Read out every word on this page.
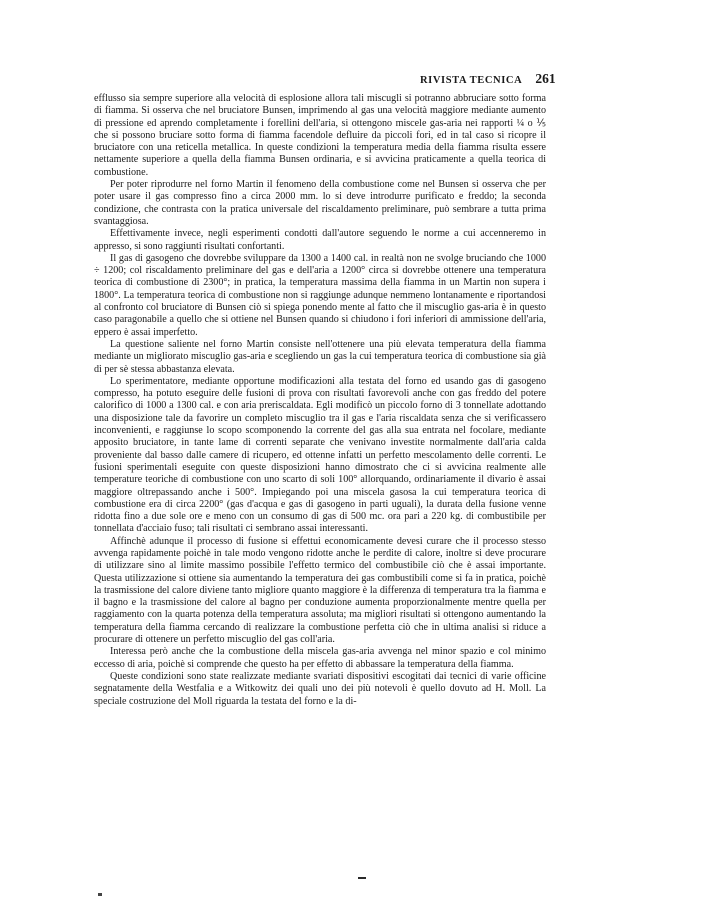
RIVISTA TECNICA 261

efflusso sia sempre superiore alla velocità di esplosione allora tali miscugli si potranno abbruciare sotto forma di fiamma. Si osserva che nel bruciatore Bunsen, imprimendo al gas una velocità maggiore mediante aumento di pressione ed aprendo completamente i forellini dell'aria, si ottengono miscele gas-aria nei rapporti ¼ o ⅕ che si possono bruciare sotto forma di fiamma facendole defluire da piccoli fori, ed in tal caso si ricopre il bruciatore con una reticella metallica. In queste condizioni la temperatura media della fiamma risulta essere nettamente superiore a quella della fiamma Bunsen ordinaria, e si avvicina praticamente a quella teorica di combustione.

Per poter riprodurre nel forno Martin il fenomeno della combustione come nel Bunsen si osserva che per poter usare il gas compresso fino a circa 2000 mm. lo si deve introdurre purificato e freddo; la seconda condizione, che contrasta con la pratica universale del riscaldamento preliminare, può sembrare a tutta prima svantaggiosa.

Effettivamente invece, negli esperimenti condotti dall'autore seguendo le norme a cui accenneremo in appresso, si sono raggiunti risultati confortanti.

Il gas di gasogeno che dovrebbe sviluppare da 1300 a 1400 cal. in realtà non ne svolge bruciando che 1000 ÷ 1200; col riscaldamento preliminare del gas e dell'aria a 1200° circa si dovrebbe ottenere una temperatura teorica di combustione di 2300°; in pratica, la temperatura massima della fiamma in un Martin non supera i 1800°. La temperatura teorica di combustione non si raggiunge adunque nemmeno lontanamente e riportandosi al confronto col bruciatore di Bunsen ciò si spiega ponendo mente al fatto che il miscuglio gas-aria è in questo caso paragonabile a quello che si ottiene nel Bunsen quando si chiudono i fori inferiori di ammissione dell'aria, eppero è assai imperfetto.

La questione saliente nel forno Martin consiste nell'ottenere una più elevata temperatura della fiamma mediante un migliorato miscuglio gas-aria e scegliendo un gas la cui temperatura teorica di combustione sia già di per sè stessa abbastanza elevata.

Lo sperimentatore, mediante opportune modificazioni alla testata del forno ed usando gas di gasogeno compresso, ha potuto eseguire delle fusioni di prova con risultati favorevoli anche con gas freddo del potere calorifico di 1000 a 1300 cal. e con aria preriscaldata. Egli modificò un piccolo forno di 3 tonnellate adottando una disposizione tale da favorire un completo miscuglio tra il gas e l'aria riscaldata senza che si verificassero inconvenienti, e raggiunse lo scopo scomponendo la corrente del gas alla sua entrata nel focolare, mediante apposito bruciatore, in tante lame di correnti separate che venivano investite normalmente dall'aria calda proveniente dal basso dalle camere di ricupero, ed ottenne infatti un perfetto mescolamento delle correnti. Le fusioni sperimentali eseguite con queste disposizioni hanno dimostrato che ci si avvicina realmente alle temperature teoriche di combustione con uno scarto di soli 100° allorquando, ordinariamente il divario è assai maggiore oltrepassando anche i 500°. Impiegando poi una miscela gasosa la cui temperatura teorica di combustione era di circa 2200° (gas d'acqua e gas di gasogeno in parti uguali), la durata della fusione venne ridotta fino a due sole ore e meno con un consumo di gas di 500 mc. ora pari a 220 kg. di combustibile per tonnellata d'acciaio fuso; tali risultati ci sembrano assai interessanti.

Affinchè adunque il processo di fusione si effettui economicamente devesi curare che il processo stesso avvenga rapidamente poichè in tale modo vengono ridotte anche le perdite di calore, inoltre si deve procurare di utilizzare sino al limite massimo possibile l'effetto termico del combustibile ciò che è assai importante. Questa utilizzazione si ottiene sia aumentando la temperatura dei gas combustibili come si fa in pratica, poichè la trasmissione del calore diviene tanto migliore quanto maggiore è la differenza di temperatura tra la fiamma e il bagno e la trasmissione del calore al bagno per conduzione aumenta proporzionalmente mentre quella per raggiamento con la quarta potenza della temperatura assoluta; ma migliori risultati si ottengono aumentando la temperatura della fiamma cercando di realizzare la combustione perfetta ciò che in ultima analisi si riduce a procurare di ottenere un perfetto miscuglio del gas coll'aria.

Interessa però anche che la combustione della miscela gas-aria avvenga nel minor spazio e col minimo eccesso di aria, poichè si comprende che questo ha per effetto di abbassare la temperatura della fiamma.

Queste condizioni sono state realizzate mediante svariati dispositivi escogitati dai tecnici di varie officine segnatamente della Westfalia e a Witkowitz dei quali uno dei più notevoli è quello dovuto ad H. Moll. La speciale costruzione del Moll riguarda la testata del forno e la di-
